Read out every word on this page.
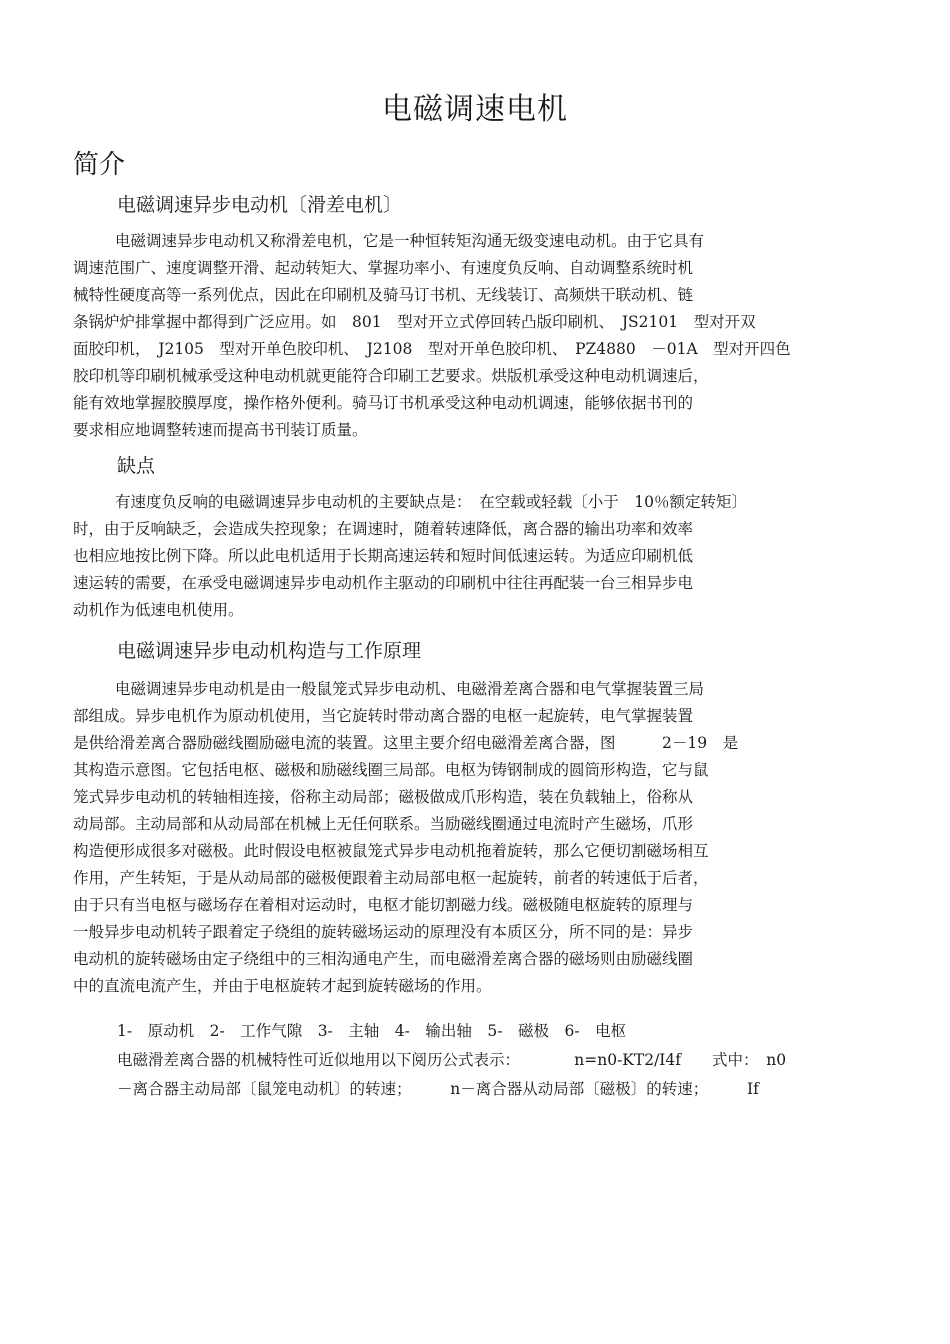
电磁调速电机
简介
电磁调速异步电动机〔滑差电机〕
电磁调速异步电动机又称滑差电机，它是一种恒转矩沟通无级变速电动机。由于它具有
调速范围广、速度调整开滑、起动转矩大、掌握功率小、有速度负反响、自动调整系统时机
械特性硬度高等一系列优点，因此在印刷机及骑马订书机、无线装订、高频烘干联动机、链
条锅炉炉排掌握中都得到广泛应用。如　801　型对开立式停回转凸版印刷机、　JS2101　型对开双
面胶印机，　J2105　型对开单色胶印机、　J2108　型对开单色胶印机、　PZ4880　－01A　型对开四色
胶印机等印刷机械承受这种电动机就更能符合印刷工艺要求。烘版机承受这种电动机调速后，
能有效地掌握胶膜厚度，操作格外便利。骑马订书机承受这种电动机调速，能够依据书刊的
要求相应地调整转速而提高书刊装订质量。
缺点
有速度负反响的电磁调速异步电动机的主要缺点是：　在空载或轻载〔小于　10％额定转矩〕
时，由于反响缺乏，会造成失控现象；在调速时，随着转速降低，离合器的输出功率和效率
也相应地按比例下降。所以此电机适用于长期高速运转和短时间低速运转。为适应印刷机低
速运转的需要，在承受电磁调速异步电动机作主驱动的印刷机中往往再配装一台三相异步电
动机作为低速电机使用。
电磁调速异步电动机构造与工作原理
电磁调速异步电动机是由一般鼠笼式异步电动机、电磁滑差离合器和电气掌握装置三局
部组成。异步电机作为原动机使用，当它旋转时带动离合器的电枢一起旋转，电气掌握装置
是供给滑差离合器励磁线圈励磁电流的装置。这里主要介绍电磁滑差离合器，图　　　2－19　是
其构造示意图。它包括电枢、磁极和励磁线圈三局部。电枢为铸钢制成的圆筒形构造，它与鼠
笼式异步电动机的转轴相连接，俗称主动局部；磁极做成爪形构造，装在负载轴上，俗称从
动局部。主动局部和从动局部在机械上无任何联系。当励磁线圈通过电流时产生磁场，爪形
构造便形成很多对磁极。此时假设电枢被鼠笼式异步电动机拖着旋转，那么它便切割磁场相互
作用，产生转矩，于是从动局部的磁极便跟着主动局部电枢一起旋转，前者的转速低于后者，
由于只有当电枢与磁场存在着相对运动时，电枢才能切割磁力线。磁极随电枢旋转的原理与
一般异步电动机转子跟着定子绕组的旋转磁场运动的原理没有本质区分，所不同的是：异步
电动机的旋转磁场由定子绕组中的三相沟通电产生，而电磁滑差离合器的磁场则由励磁线圈
中的直流电流产生，并由于电枢旋转才起到旋转磁场的作用。
1-　原动机　2-　工作气隙　3-　主轴　4-　输出轴　5-　磁极　6-　电枢
电磁滑差离合器的机械特性可近似地用以下阅历公式表示：　　　　n=n0-KT2/I4f　　式中：　n0
－离合器主动局部〔鼠笼电动机〕的转速；　　　n－离合器从动局部〔磁极〕的转速；　　　If
